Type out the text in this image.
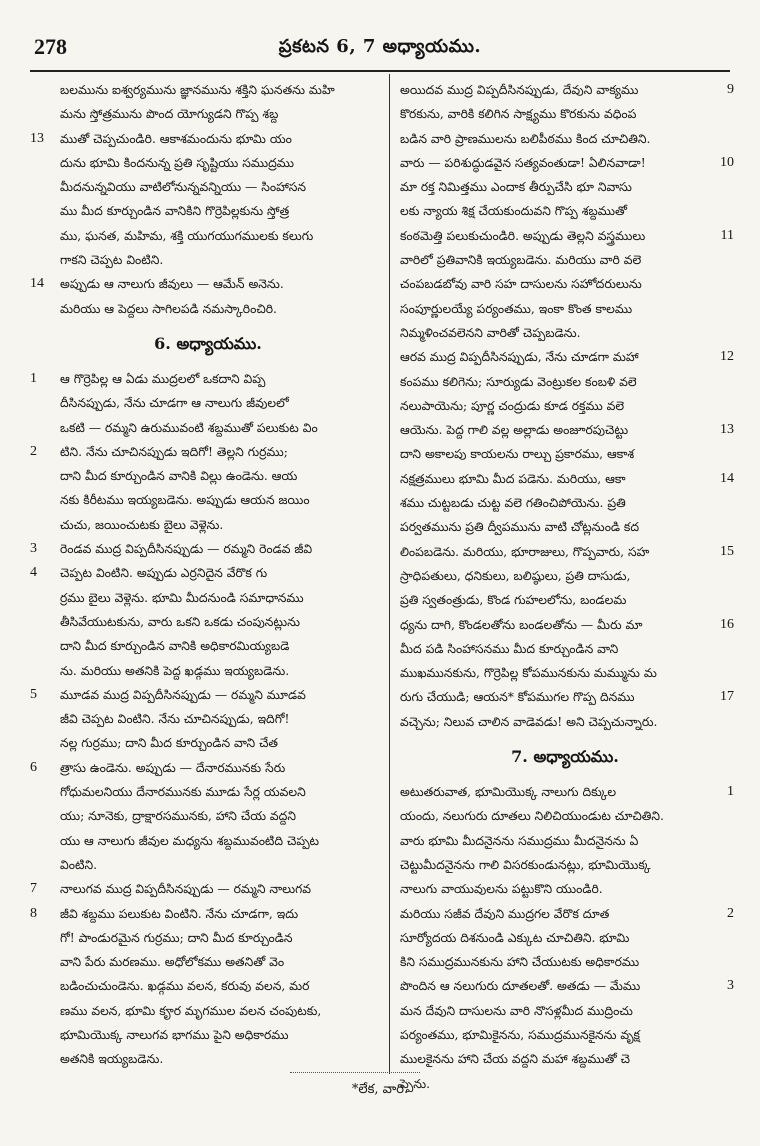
278	ప్రకటన 6, 7 అధ్యాయము.
బలమును ఐశ్వర్యమును జ్ఞానమును శక్తిని ఘనతను మహి
మను స్తోత్రమును పొంద యోగ్యుడని గొప్ప శబ్ద
13 ముతో చెప్పచుండిరి. ఆకాశమందును భూమి యం
దును భూమి కిందనున్న ప్రతి సృష్టియు సముద్రము
మీదనున్నవియు వాటిలోనున్నవన్నియు — సింహాసన
ము మీద కూర్చుండిన వానికిని గొర్రెపిల్లకును స్తోత్ర
ము, ఘనత, మహిమ, శక్తి యుగయుగములకు కలుగు
గాకని చెప్పట వింటిని.
14 అప్పుడు ఆ నాలుగు జీవులు — ఆమేన్ అనెను.
మరియు ఆ పెద్దలు సాగిలపడి నమస్కారించిరి.
6. అధ్యాయము.
1 ఆ గొర్రెపిల్ల ఆ ఏడు ముద్రలలో ఒకదాని విప్ప
దీసినప్పుడు, నేను చూడగా ఆ నాలుగు జీవులలో
ఒకటి — రమ్మని ఉరుమువంటి శబ్దముతో పలుకుట విం
2 టిని. నేను చూచినప్పుడు ఇదిగో! తెల్లని గుర్రము;
దాని మీద కూర్చుండిన వానికి విల్లు ఉండెను. ఆయ
నకు కిరీటము ఇయ్యబడెను. అప్పుడు ఆయన జయిం
చుచు, జయించుటకు బైలు వెళ్లెను.
3 రెండవ ముద్ర విప్పదీసినప్పుడు — రమ్మని రెండవ జీవి
4 చెప్పట వింటిని. అప్పుడు ఎర్రనిదైన వేరొక గు
ర్రము బైలు వెళ్లెను. భూమి మీదనుండి సమాధానము
తీసివేయుటకును, వారు ఒకని ఒకడు చంపునట్లును
దాని మీద కూర్చుండిన వానికి అధికారమియ్యబడె
ను. మరియు అతనికి పెద్ద ఖడ్గము ఇయ్యబడెను.
5 మూడవ ముద్ర విప్పదీసినప్పుడు — రమ్మని మూడవ
జీవి చెప్పట వింటిని. నేను చూచినప్పుడు, ఇదిగో!
నల్ల గుర్రము; దాని మీద కూర్చుండిన వాని చేత
6 త్రాసు ఉండెను. అప్పుడు — దేనారమునకు సేరు
గోధుమలనియు దేనారమునకు మూడు సేర్ల యవలని
యు; నూనెకు, ద్రాక్షారసమునకు, హాని చేయ వద్దని
యు ఆ నాలుగు జీవుల మధ్యను శబ్దమువంటిది చెప్పట
వింటిని.
7 నాలుగవ ముద్ర విప్పదీసినప్పుడు — రమ్మని నాలుగవ
8 జీవి శబ్దము పలుకుట వింటిని. నేను చూడగా, ఇదు
గో! పాండురమైన గుర్రము; దాని మీద కూర్చుండిన
వాని పేరు మరణము. అధోలోకము అతనితో వెం
బడించుచుండెను. ఖడ్గము వలన, కరువు వలన, మర
ణము వలన, భూమి కౄర మృగముల వలన చంపుటకు,
భూమియొక్క నాలుగవ భాగము పైని అధికారము
అతనికి ఇయ్యబడెను.
9
అయిదవ ముద్ర విప్పదీసినప్పుడు, దేవుని వాక్యము
కొరకును, వారికి కలిగిన సాక్ష్యము కొరకును వధింప
బడిన వారి ప్రాణములను బలిపీఠము కింద చూచితిని.
10
వారు — పరిశుద్ధుడవైన సత్యవంతుడా! ఏలినవాడా!
మా రక్త నిమిత్తము ఎందాక తీర్పుచేసి భూ నివాసు
లకు న్యాయ శిక్ష చేయకుందువని గొప్ప శబ్దముతో
11
కంఠమెత్తి పలుకుచుండిరి. అప్పుడు తెల్లని వస్త్రములు
వారిలో ప్రతివానికి ఇయ్యబడెను. మరియు వారి వలె
చంపబడబోవు వారి సహ దాసులను సహోదరులును
సంపూర్ణులయ్యే పర్యంతము, ఇంకా కొంత కాలము
నిమ్మళించవలెనని వారితో చెప్పబడెను.
12
ఆరవ ముద్ర విప్పదీసినప్పుడు, నేను చూడగా మహా
కంపము కలిగెను; సూర్యుడు వెంట్రుకల కంబళి వలె
నలుపాయెను; పూర్ణ చంద్రుడు కూడ రక్తము వలె
13
ఆయెను. పెద్ద గాలి వల్ల అల్లాడు అంజూరపుచెట్టు
దాని అకాలపు కాయలను రాల్చు ప్రకారము, ఆకాశ
14
నక్షత్రములు భూమి మీద పడెను. మరియు, ఆకా
శము చుట్టబడు చుట్ట వలె గతించిపోయెను. ప్రతి
పర్వతమును ప్రతి ద్వీపమును వాటి చోట్లనుండి కద
15
లింపబడెను. మరియు, భూరాజులు, గొప్పవారు, సహ
స్రాధిపతులు, ధనికులు, బలిష్ఠులు, ప్రతి దాసుడు,
ప్రతి స్వతంత్రుడు, కొండ గుహలలోను, బండలమ
16
ధ్యను దాగి, కొండలతోను బండలతోను — మీరు మా
మీద పడి సింహాసనము మీద కూర్చుండిన వాని
ముఖమునకును, గొర్రెపిల్ల కోపమునకును మమ్మును మ
17
రుగు చేయుడి; ఆయన* కోపముగల గొప్ప దినము
వచ్చెను; నిలువ చాలిన వాడెవడు! అని చెప్పచున్నారు.
7. అధ్యాయము.
1
అటుతరువాత, భూమియొక్క నాలుగు దిక్కుల
యందు, నలుగురు దూతలు నిలిచియుండుట చూచితిని.
వారు భూమి మీదనైనను సముద్రము మీదనైనను ఏ
చెట్టుమీదనైనను గాలి విసరకుండునట్లు, భూమియొక్క
నాలుగు వాయువులను పట్టుకొని యుండిరి.
2
మరియు సజీవ దేవుని ముద్రగల వేరొక దూత
సూర్యోదయ దిశనుండి ఎక్కుట చూచితిని. భూమి
కిని సముద్రమునకును హాని చేయుటకు అధికారము
3
పొందిన ఆ నలుగురు దూతలతో. అతడు — మేము
మన దేవుని దాసులను వారి నొసళ్లమీద ముద్రించు
పర్యంతము, భూమికైనను, సముద్రమునకైనను వృక్ష
ములకైనను హాని చేయ వద్దని మహా శబ్దముతో చె
ప్పెను.
*లేక, వారి.
